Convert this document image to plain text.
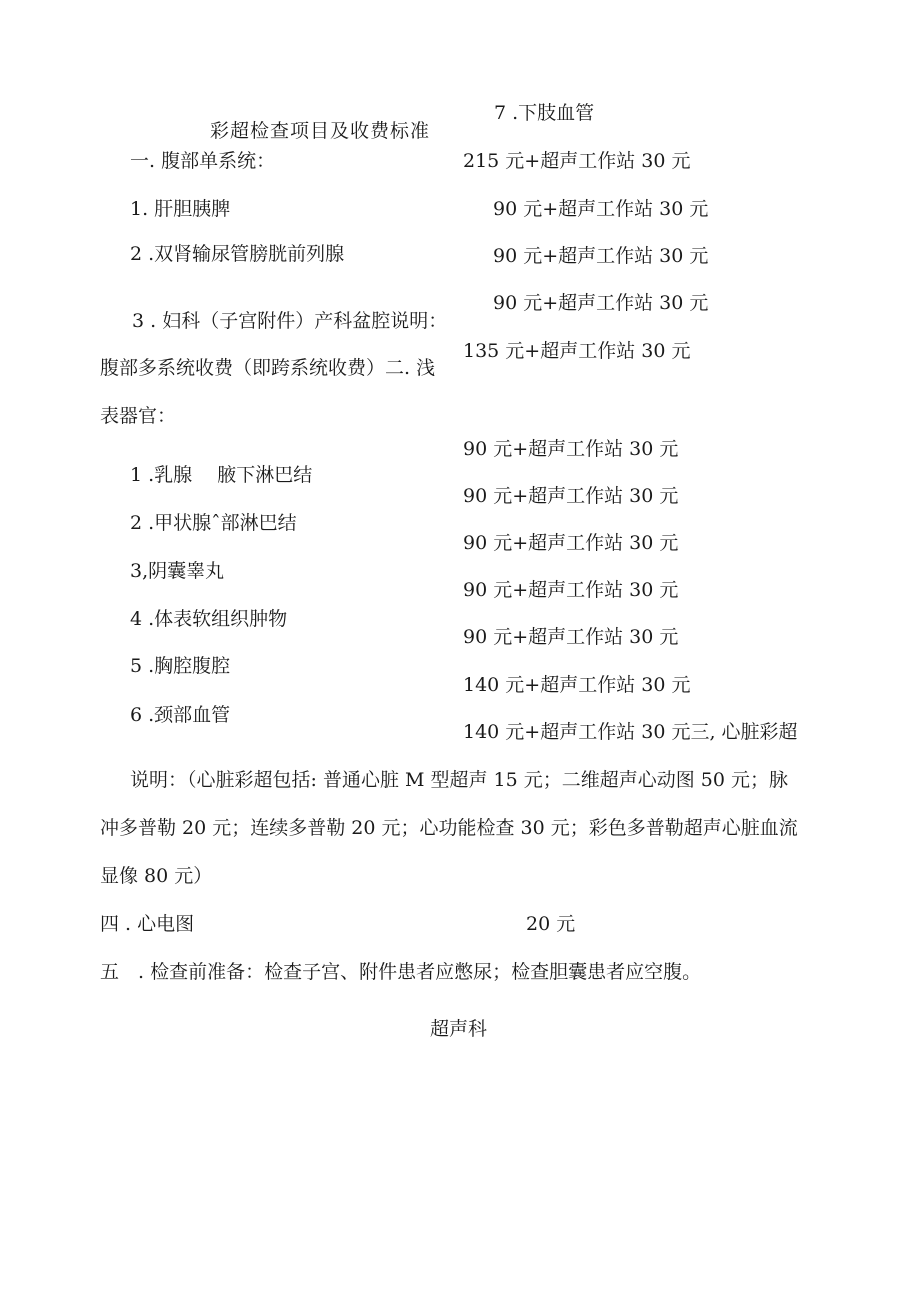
7 .下肢血管
彩超检查项目及收费标准
一. 腹部单系统：
1. 肝胆胰脾
2 .双肾输尿管膀胱前列腺
3 . 妇科（子宫附件）产科盆腔说明：
腹部多系统收费（即跨系统收费）二. 浅
表器官：
215 元+超声工作站 30 元
90 元+超声工作站 30 元
90 元+超声工作站 30 元
90 元+超声工作站 30 元
135 元+超声工作站 30 元
1 .乳腺　 腋下淋巴结
2 .甲状腺ˆ部淋巴结
3,阴囊睾丸
4 .体表软组织肿物
5 .胸腔腹腔
6 .颈部血管
90 元+超声工作站 30 元
90 元+超声工作站 30 元
90 元+超声工作站 30 元
90 元+超声工作站 30 元
90 元+超声工作站 30 元
140 元+超声工作站 30 元
140 元+超声工作站 30 元三, 心脏彩超
说明：（心脏彩超包括: 普通心脏 M 型超声 15 元；二维超声心动图 50 元；脉
冲多普勒 20 元；连续多普勒 20 元；心功能检查 30 元；彩色多普勒超声心脏血流
显像 80 元）
四 . 心电图	20 元
五　. 检查前准备：检查子宫、附件患者应憋尿；检查胆囊患者应空腹。
超声科
